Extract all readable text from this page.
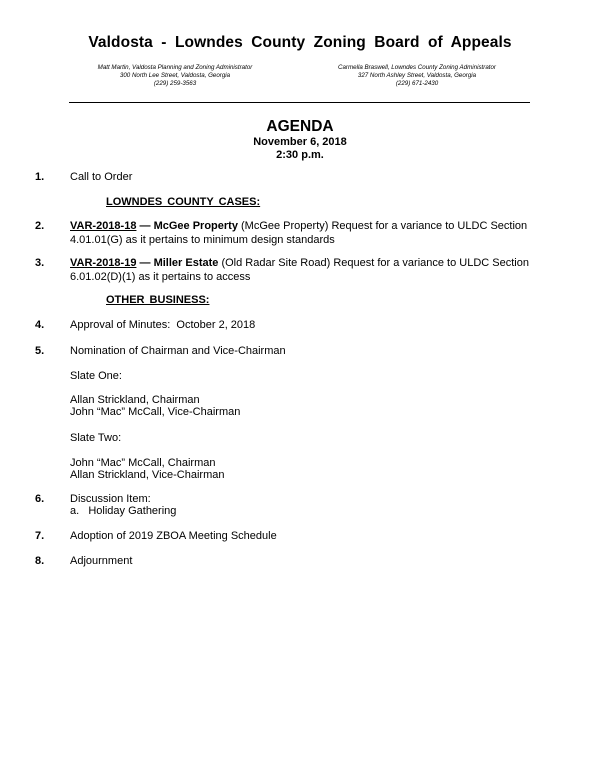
Valdosta - Lowndes County Zoning Board of Appeals
Matt Martin, Valdosta Planning and Zoning Administrator
300 North Lee Street, Valdosta, Georgia
(229) 259-3563
Carmella Braswell, Lowndes County Zoning Administrator
327 North Ashley Street, Valdosta, Georgia
(229) 671-2430
AGENDA
November 6, 2018
2:30 p.m.
1. Call to Order
LOWNDES COUNTY CASES:
2. VAR-2018-18 — McGee Property (McGee Property) Request for a variance to ULDC Section 4.01.01(G) as it pertains to minimum design standards
3. VAR-2018-19 — Miller Estate (Old Radar Site Road) Request for a variance to ULDC Section 6.01.02(D)(1) as it pertains to access
OTHER BUSINESS:
4. Approval of Minutes:  October 2, 2018
5. Nomination of Chairman and Vice-Chairman
Slate One:
Allan Strickland, Chairman
John “Mac” McCall, Vice-Chairman
Slate Two:
John “Mac” McCall, Chairman
Allan Strickland, Vice-Chairman
6. Discussion Item:
a.   Holiday Gathering
7. Adoption of 2019 ZBOA Meeting Schedule
8. Adjournment
